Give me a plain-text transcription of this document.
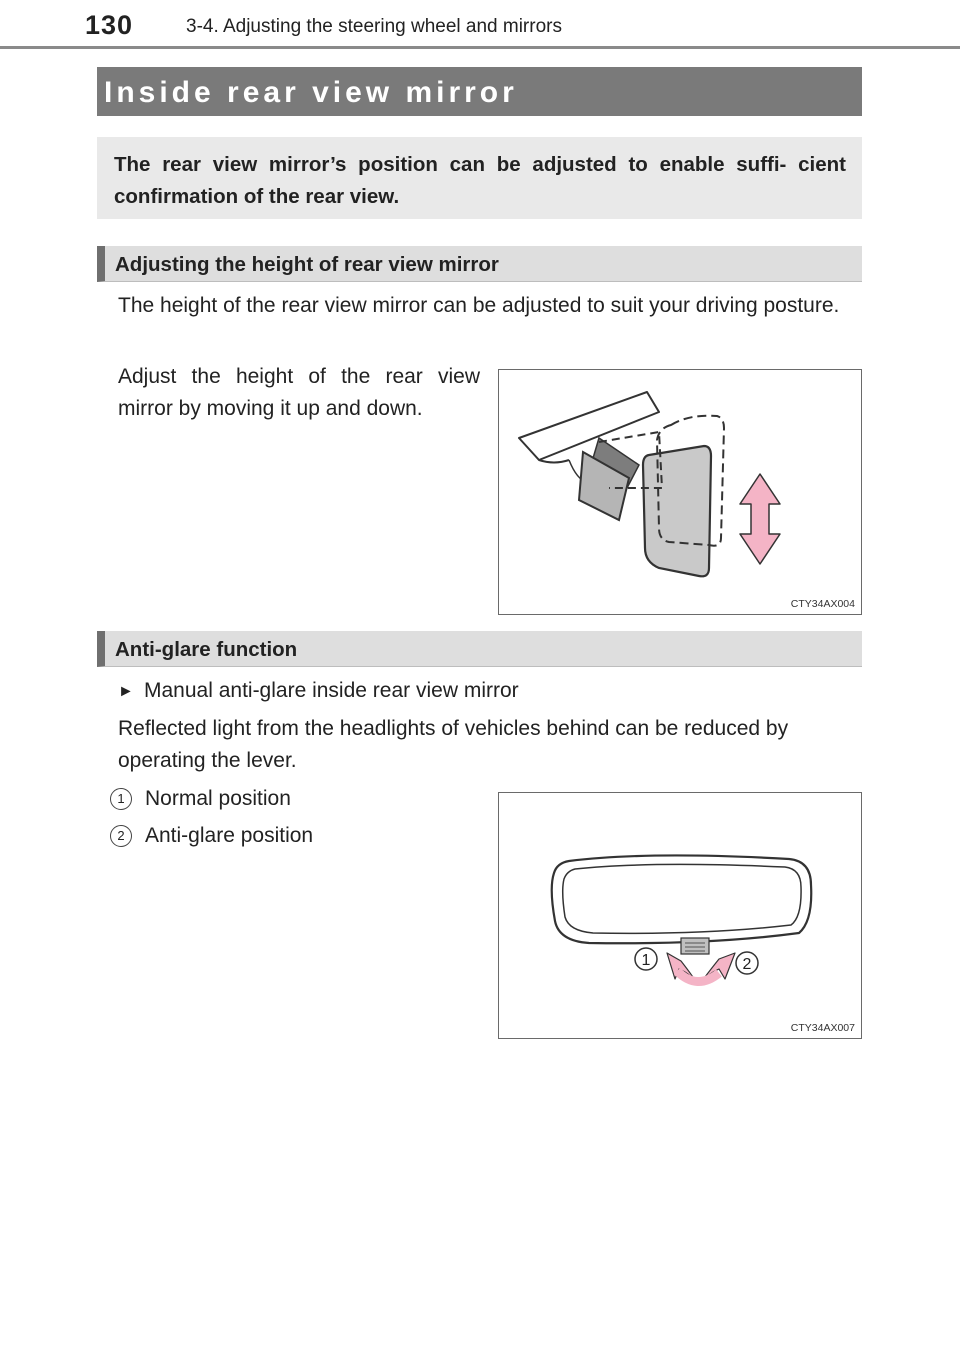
130	3-4. Adjusting the steering wheel and mirrors
Inside rear view mirror
The rear view mirror’s position can be adjusted to enable suffi- cient confirmation of the rear view.
Adjusting the height of rear view mirror
The height of the rear view mirror can be adjusted to suit your driving posture.
Adjust the height of the rear view mirror by moving it up and down.
CTY34AX004
Anti-glare function
► Manual anti-glare inside rear view mirror
Reflected light from the headlights of vehicles behind can be reduced by operating the lever.
1 Normal position
2 Anti-glare position
1	2
CTY34AX007
